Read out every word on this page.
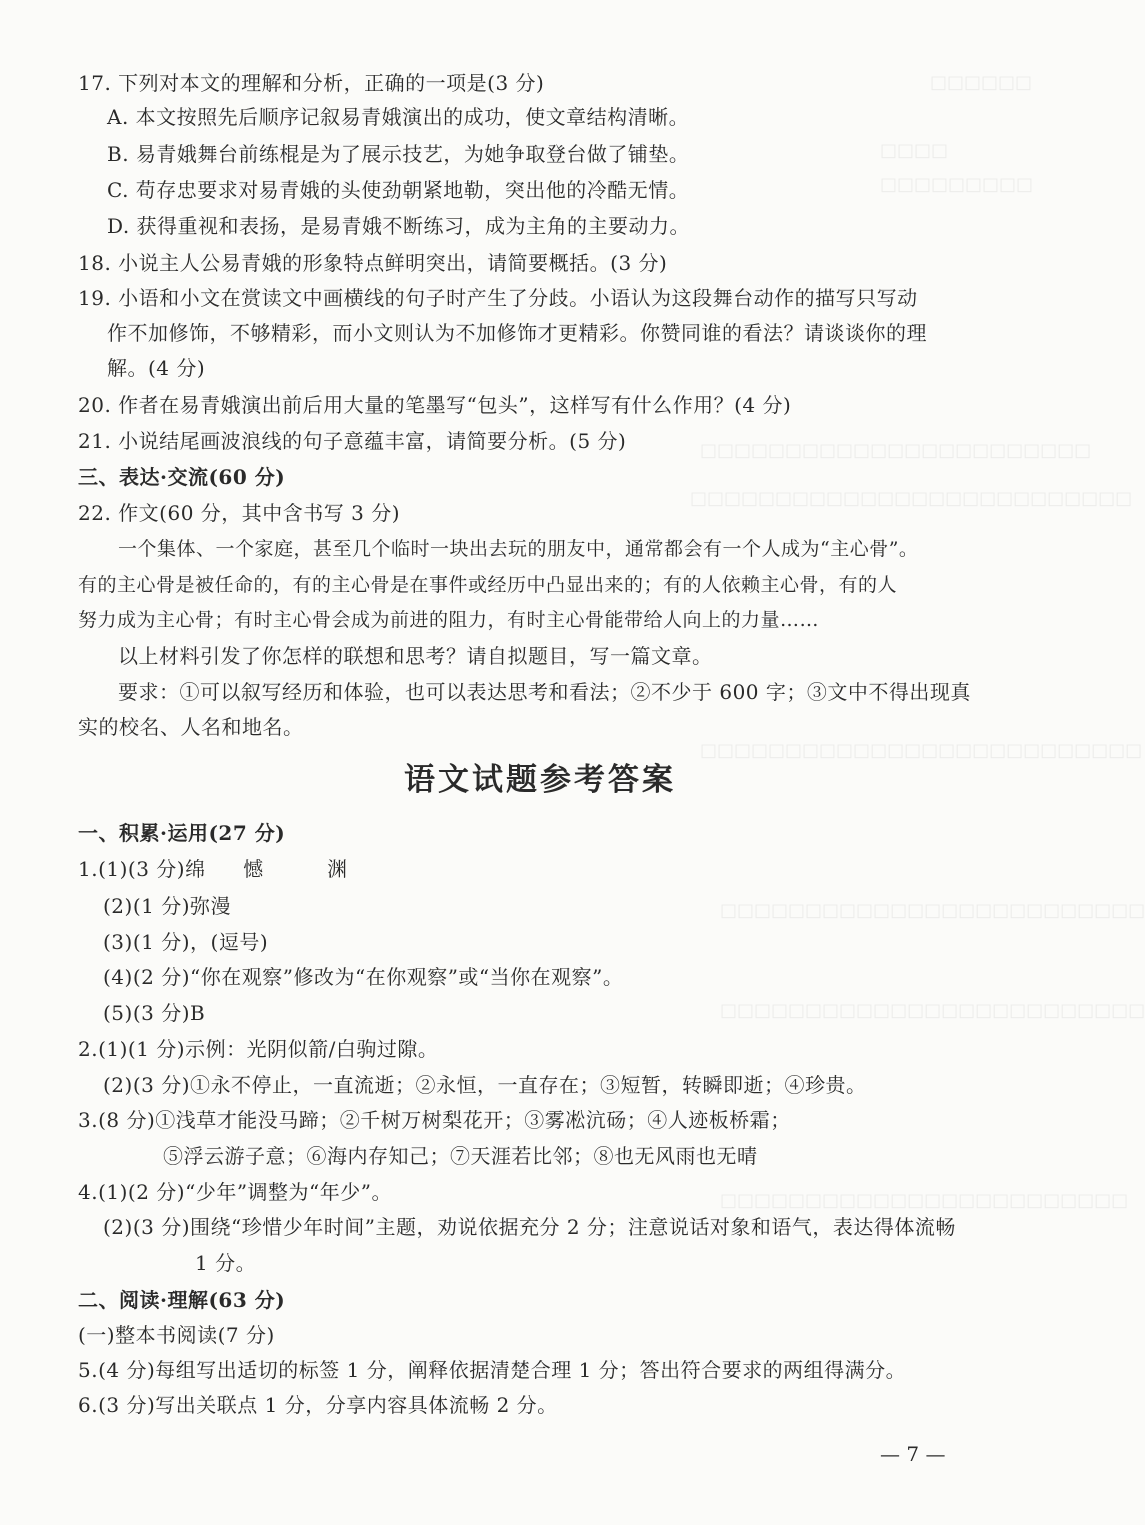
□□□□□□
□□□□
□□□□□□□□□
□□□□□□□□□□□□□□□□□□□□□□□
□□□□□□□□□□□□□□□□□□□□□□□□□□
□□□□□□□□□□□□□□□□□□□□□□□□□□
□□□□□□□□□□□□□□□□□□□□□□□□□
□□□□□□□□□□□□□□□□□□□□□□□□□
□□□□□□□□□□□□□□□□□□□□□□□□
17. 下列对本文的理解和分析，正确的一项是(3 分)
A. 本文按照先后顺序记叙易青娥演出的成功，使文章结构清晰。
B. 易青娥舞台前练棍是为了展示技艺，为她争取登台做了铺垫。
C. 苟存忠要求对易青娥的头使劲朝紧地勒，突出他的冷酷无情。
D. 获得重视和表扬，是易青娥不断练习，成为主角的主要动力。
18. 小说主人公易青娥的形象特点鲜明突出，请简要概括。(3 分)
19. 小语和小文在赏读文中画横线的句子时产生了分歧。小语认为这段舞台动作的描写只写动
作不加修饰，不够精彩，而小文则认为不加修饰才更精彩。你赞同谁的看法？请谈谈你的理
解。(4 分)
20. 作者在易青娥演出前后用大量的笔墨写“包头”，这样写有什么作用？(4 分)
21. 小说结尾画波浪线的句子意蕴丰富，请简要分析。(5 分)
三、表达·交流(60 分)
22. 作文(60 分，其中含书写 3 分)
一个集体、一个家庭，甚至几个临时一块出去玩的朋友中，通常都会有一个人成为“主心骨”。
有的主心骨是被任命的，有的主心骨是在事件或经历中凸显出来的；有的人依赖主心骨，有的人
努力成为主心骨；有时主心骨会成为前进的阻力，有时主心骨能带给人向上的力量……
以上材料引发了你怎样的联想和思考？请自拟题目，写一篇文章。
要求：①可以叙写经历和体验，也可以表达思考和看法；②不少于 600 字；③文中不得出现真
实的校名、人名和地名。
语文试题参考答案
一、积累·运用(27 分)
1.(1)(3 分)绵 憾	渊
(2)(1 分)弥漫
(3)(1 分)，(逗号)
(4)(2 分)“你在观察”修改为“在你观察”或“当你在观察”。
(5)(3 分)B
2.(1)(1 分)示例：光阴似箭/白驹过隙。
(2)(3 分)①永不停止，一直流逝；②永恒，一直存在；③短暂，转瞬即逝；④珍贵。
3.(8 分)①浅草才能没马蹄；②千树万树梨花开；③雾凇沆砀；④人迹板桥霜；
⑤浮云游子意；⑥海内存知己；⑦天涯若比邻；⑧也无风雨也无晴
4.(1)(2 分)“少年”调整为“年少”。
(2)(3 分)围绕“珍惜少年时间”主题，劝说依据充分 2 分；注意说话对象和语气，表达得体流畅
1 分。
二、阅读·理解(63 分)
(一)整本书阅读(7 分)
5.(4 分)每组写出适切的标签 1 分，阐释依据清楚合理 1 分；答出符合要求的两组得满分。
6.(3 分)写出关联点 1 分，分享内容具体流畅 2 分。
— 7 —
